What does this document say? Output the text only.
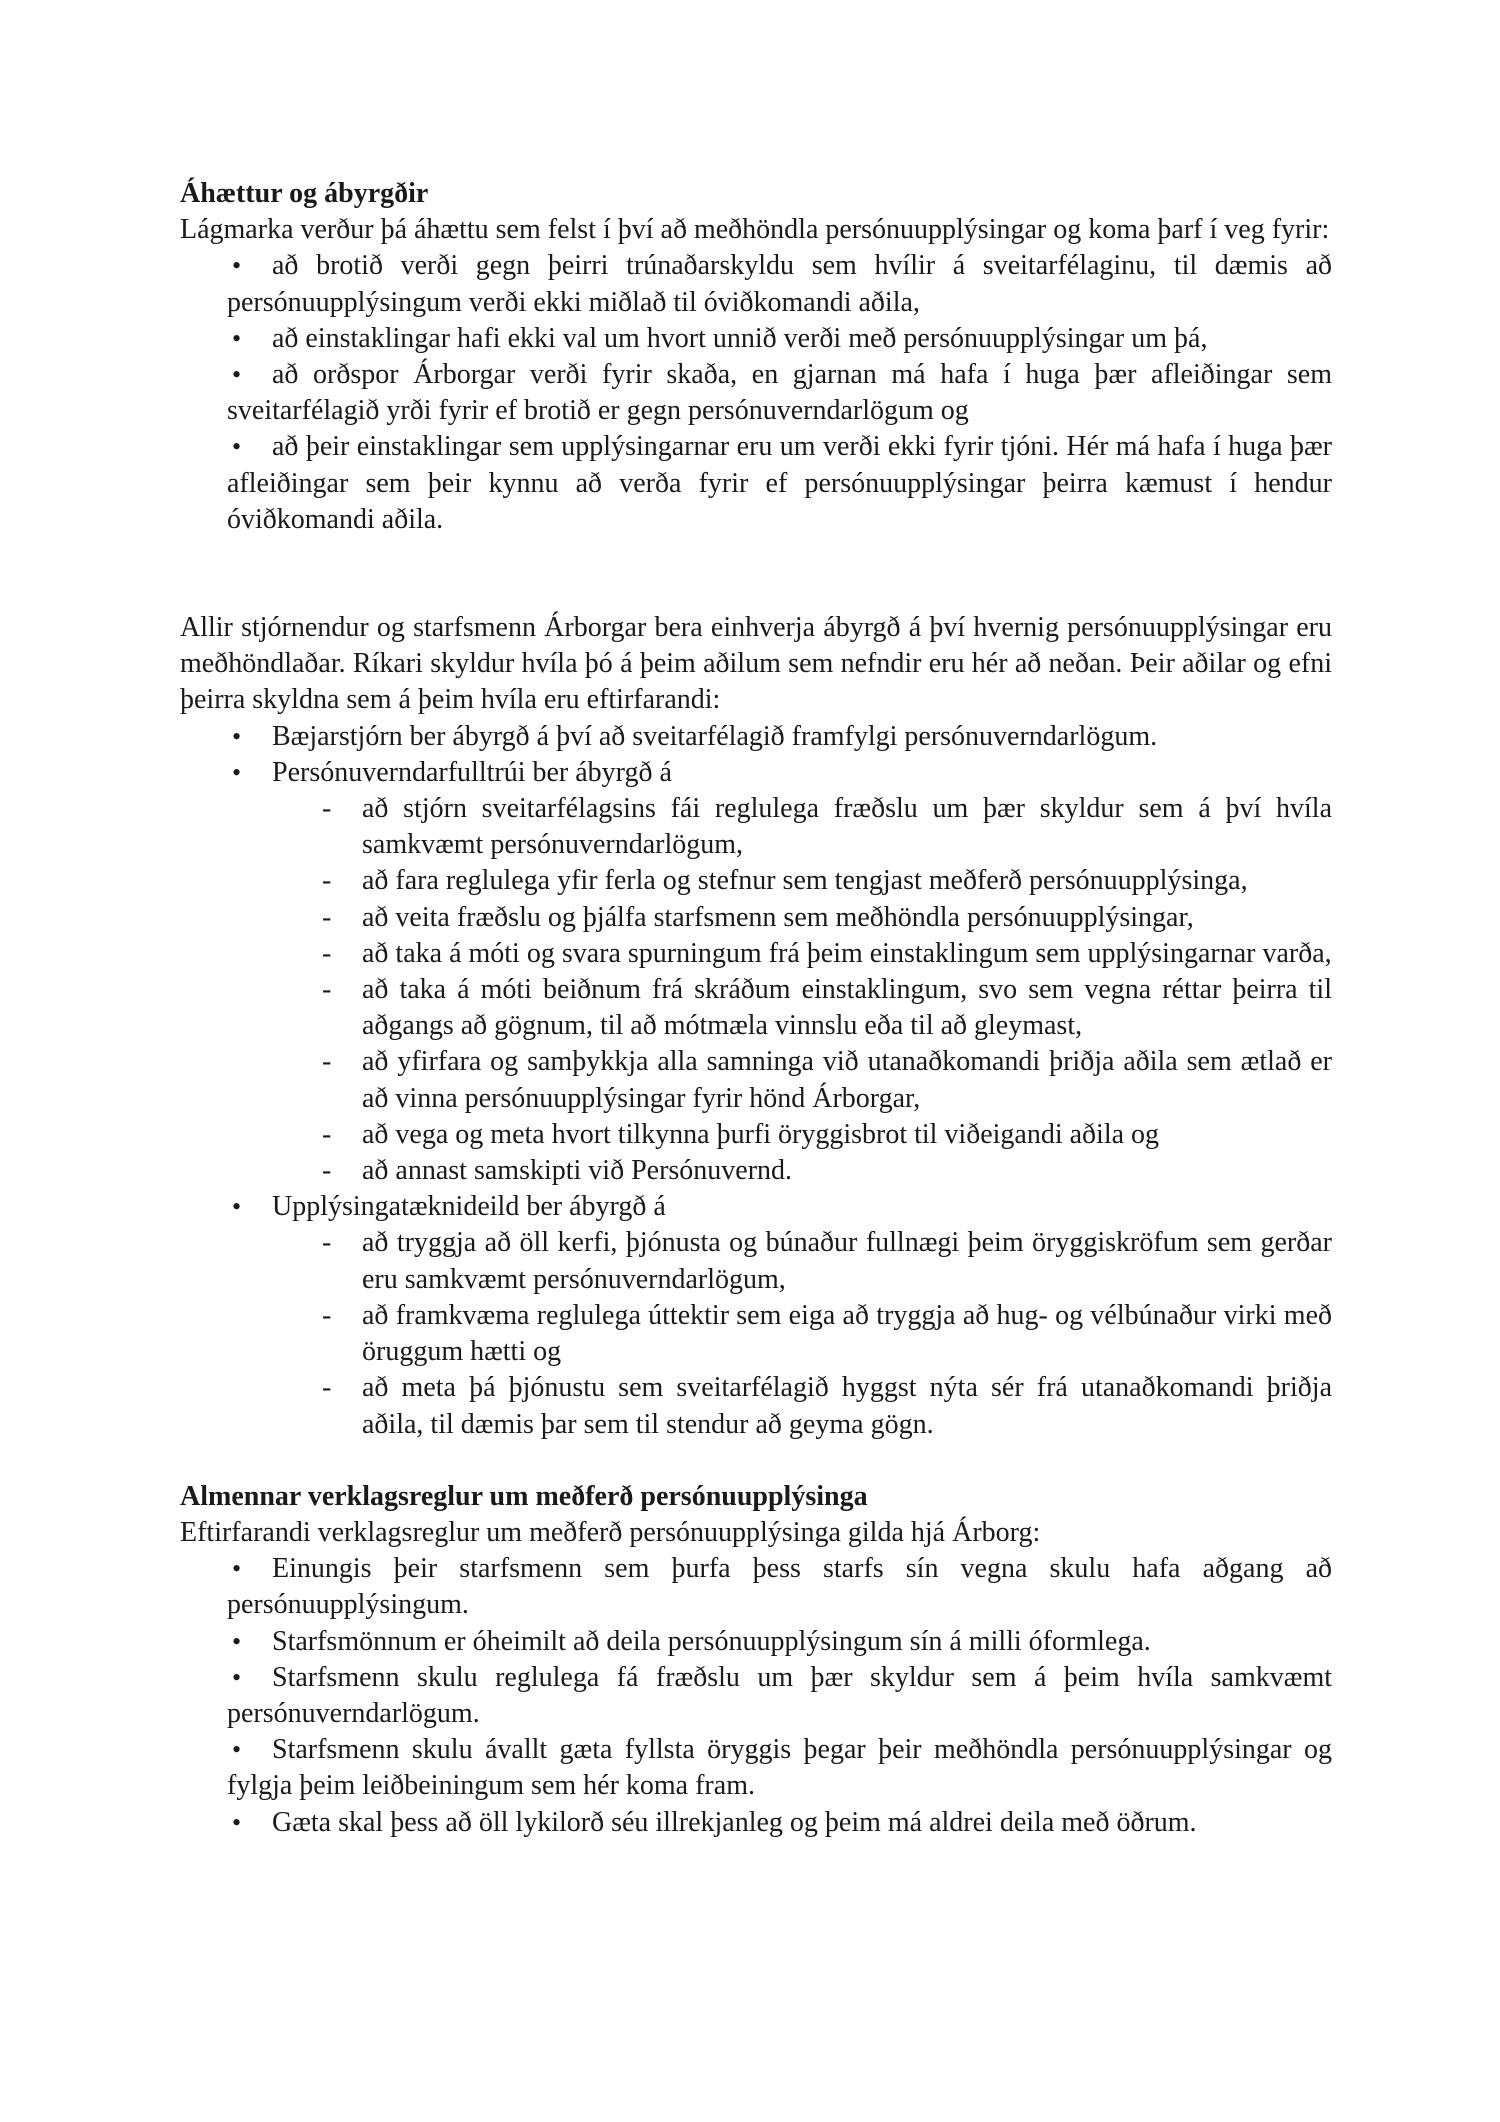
Áhættur og ábyrgðir

Lágmarka verður þá áhættu sem felst í því að meðhöndla persónuupplýsingar og koma þarf í veg fyrir:

• að brotið verði gegn þeirri trúnaðarskyldu sem hvílir á sveitarfélaginu, til dæmis að persónuupplýsingum verði ekki miðlað til óviðkomandi aðila,
• að einstaklingar hafi ekki val um hvort unnið verði með persónuupplýsingar um þá,
• að orðspor Árborgar verði fyrir skaða, en gjarnan má hafa í huga þær afleiðingar sem sveitarfélagið yrði fyrir ef brotið er gegn persónuverndarlögum og
• að þeir einstaklingar sem upplýsingarnar eru um verði ekki fyrir tjóni. Hér má hafa í huga þær afleiðingar sem þeir kynnu að verða fyrir ef persónuupplýsingar þeirra kæmust í hendur óviðkomandi aðila.

Allir stjórnendur og starfsmenn Árborgar bera einhverja ábyrgð á því hvernig persónuupplýsingar eru meðhöndlaðar. Ríkari skyldur hvíla þó á þeim aðilum sem nefndir eru hér að neðan. Þeir aðilar og efni þeirra skyldna sem á þeim hvíla eru eftirfarandi:

• Bæjarstjórn ber ábyrgð á því að sveitarfélagið framfylgi persónuverndarlögum.
• Persónuverndarfulltrúi ber ábyrgð á
- að stjórn sveitarfélagsins fái reglulega fræðslu um þær skyldur sem á því hvíla samkvæmt persónuverndarlögum,
- að fara reglulega yfir ferla og stefnur sem tengjast meðferð persónuupplýsinga,
- að veita fræðslu og þjálfa starfsmenn sem meðhöndla persónuupplýsingar,
- að taka á móti og svara spurningum frá þeim einstaklingum sem upplýsingarnar varða,
- að taka á móti beiðnum frá skráðum einstaklingum, svo sem vegna réttar þeirra til aðgangs að gögnum, til að mótmæla vinnslu eða til að gleymast,
- að yfirfara og samþykkja alla samninga við utanaðkomandi þriðja aðila sem ætlað er að vinna persónuupplýsingar fyrir hönd Árborgar,
- að vega og meta hvort tilkynna þurfi öryggisbrot til viðeigandi aðila og
- að annast samskipti við Persónuvernd.
• Upplýsingatæknideild ber ábyrgð á
- að tryggja að öll kerfi, þjónusta og búnaður fullnægi þeim öryggiskröfum sem gerðar eru samkvæmt persónuverndarlögum,
- að framkvæma reglulega úttektir sem eiga að tryggja að hug- og vélbúnaður virki með öruggum hætti og
- að meta þá þjónustu sem sveitarfélagið hyggst nýta sér frá utanaðkomandi þriðja aðila, til dæmis þar sem til stendur að geyma gögn.
Almennar verklagsreglur um meðferð persónuupplýsinga

Eftirfarandi verklagsreglur um meðferð persónuupplýsinga gilda hjá Árborg:

• Einungis þeir starfsmenn sem þurfa þess starfs sín vegna skulu hafa aðgang að persónuupplýsingum.
• Starfsmönnum er óheimilt að deila persónuupplýsingum sín á milli óformlega.
• Starfsmenn skulu reglulega fá fræðslu um þær skyldur sem á þeim hvíla samkvæmt persónuverndarlögum.
• Starfsmenn skulu ávallt gæta fyllsta öryggis þegar þeir meðhöndla persónuupplýsingar og fylgja þeim leiðbeiningum sem hér koma fram.
• Gæta skal þess að öll lykilorð séu illrekjanleg og þeim má aldrei deila með öðrum.
